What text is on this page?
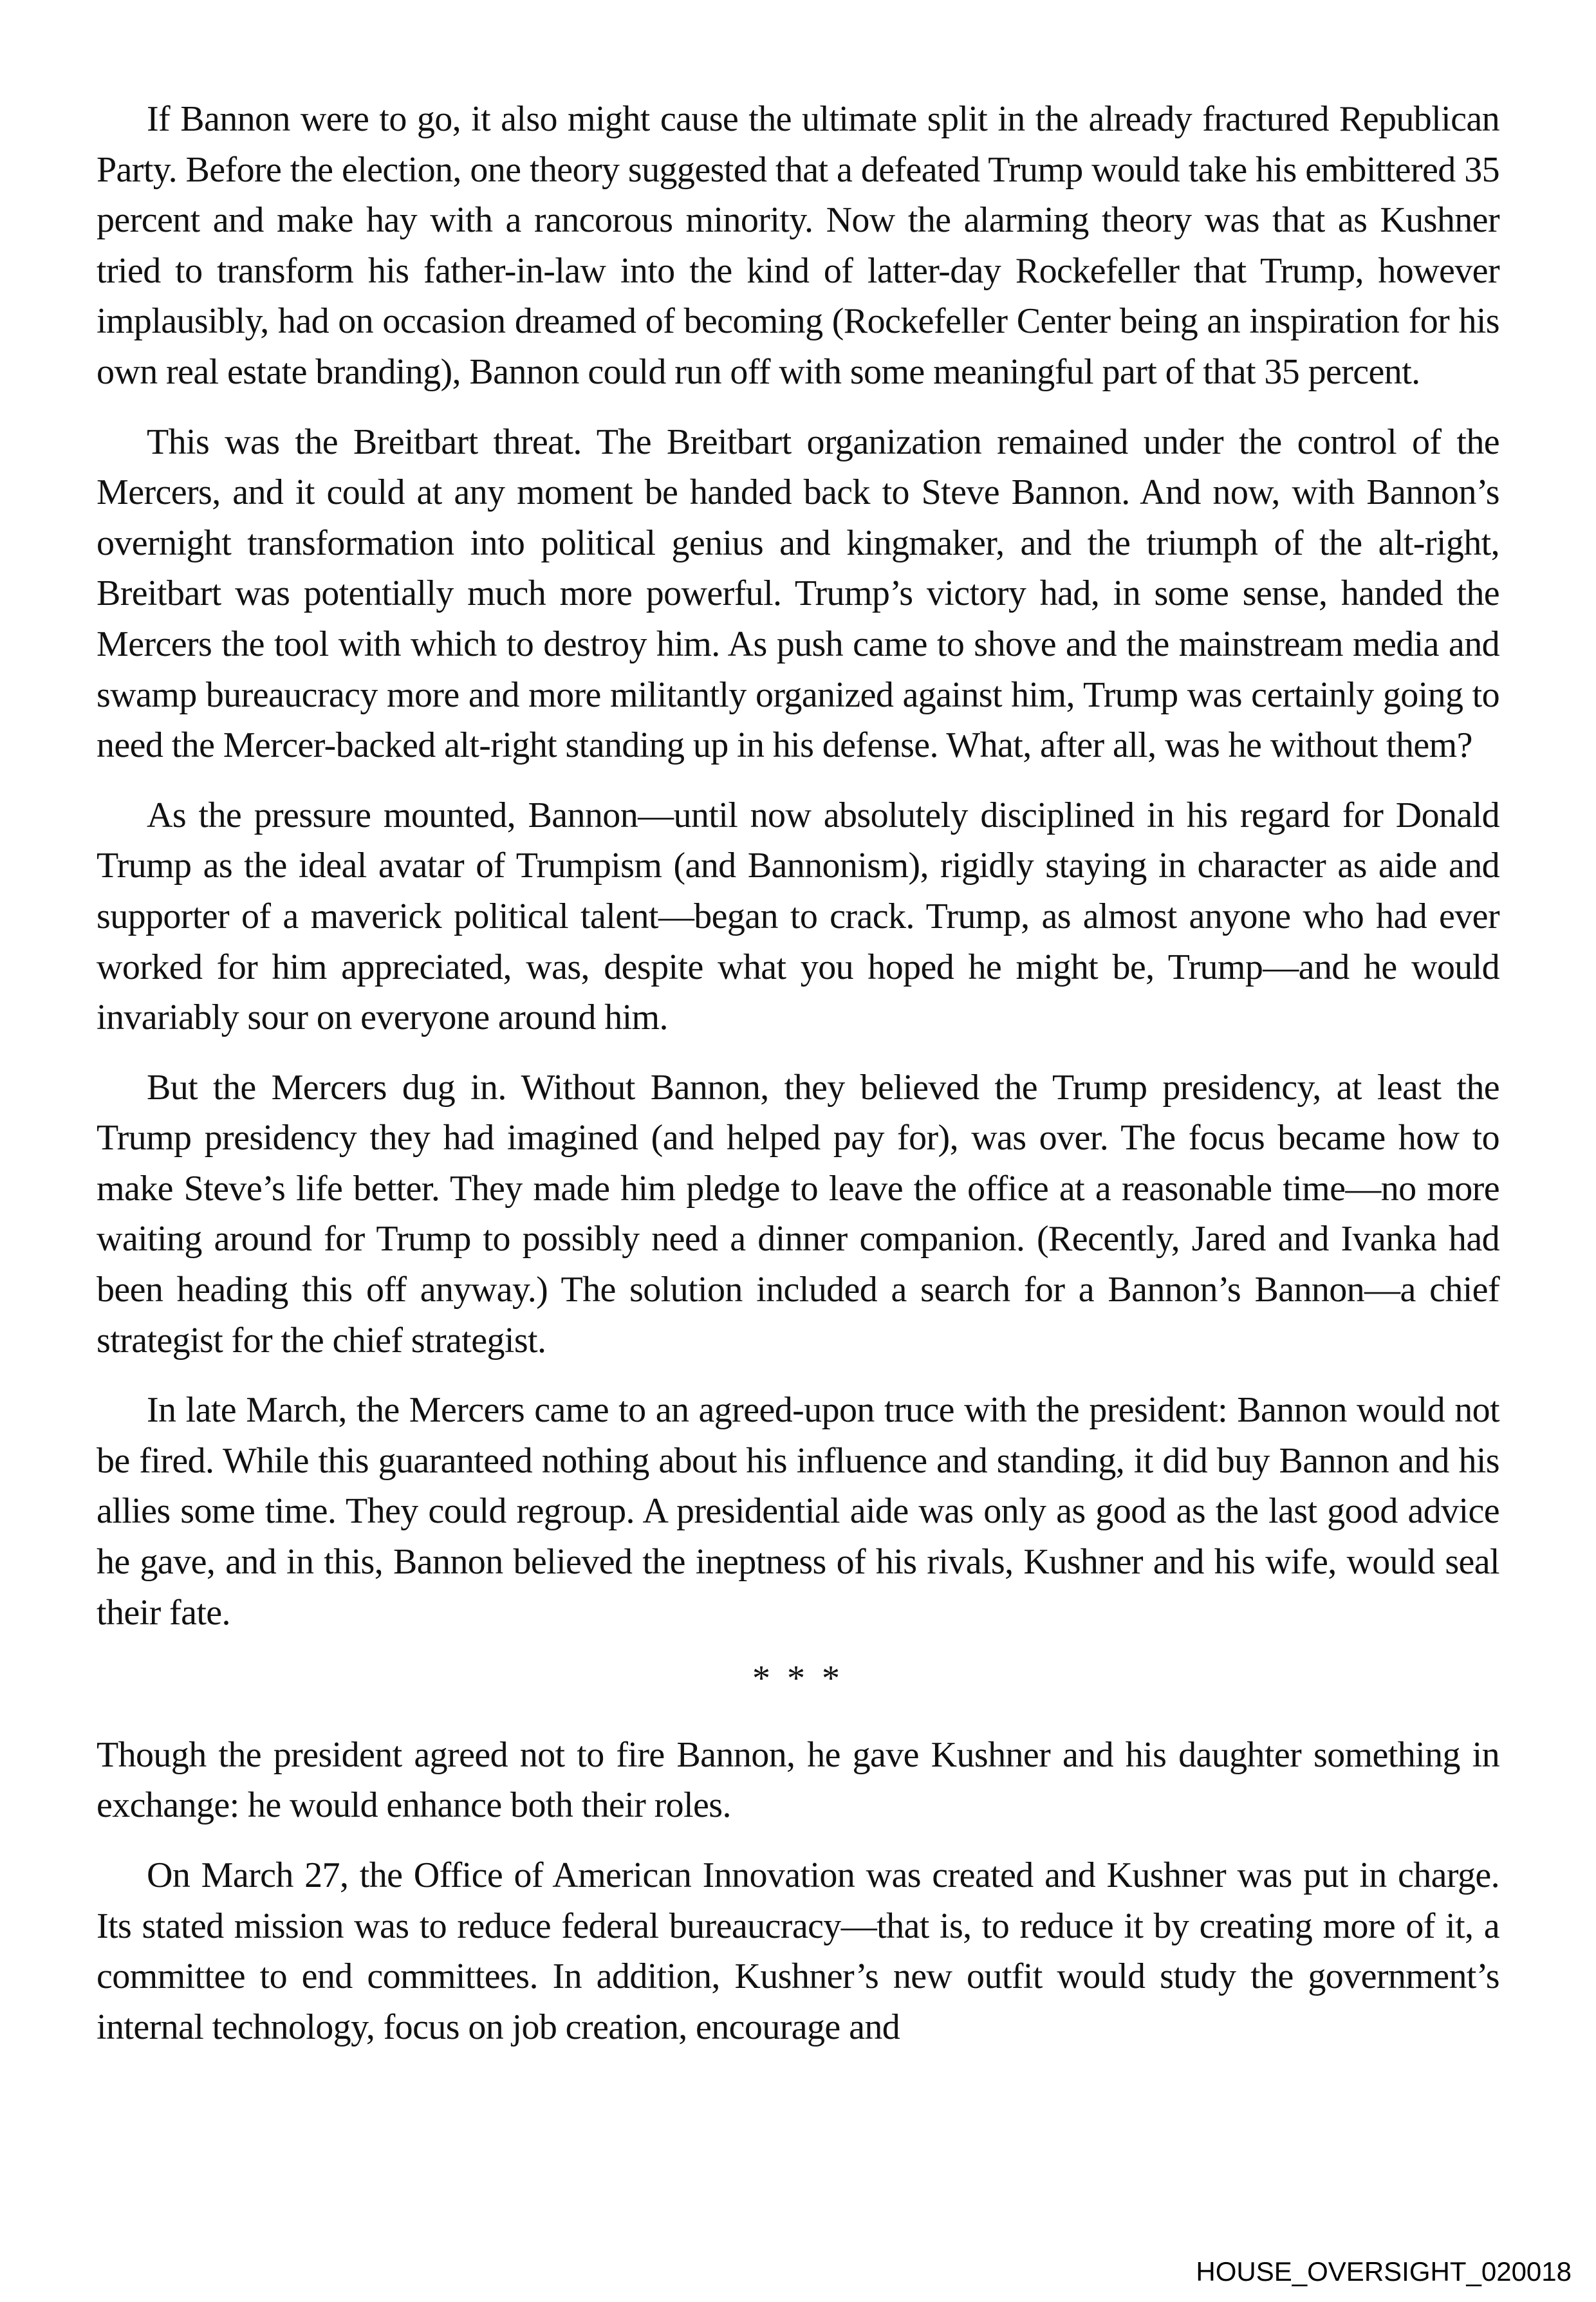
If Bannon were to go, it also might cause the ultimate split in the already fractured Republican Party. Before the election, one theory suggested that a defeated Trump would take his embittered 35 percent and make hay with a rancorous minority. Now the alarming theory was that as Kushner tried to transform his father-in-law into the kind of latter-day Rockefeller that Trump, however implausibly, had on occasion dreamed of becoming (Rockefeller Center being an inspiration for his own real estate branding), Bannon could run off with some meaningful part of that 35 percent.

This was the Breitbart threat. The Breitbart organization remained under the control of the Mercers, and it could at any moment be handed back to Steve Bannon. And now, with Bannon’s overnight transformation into political genius and kingmaker, and the triumph of the alt-right, Breitbart was potentially much more powerful. Trump’s victory had, in some sense, handed the Mercers the tool with which to destroy him. As push came to shove and the mainstream media and swamp bureaucracy more and more militantly organized against him, Trump was certainly going to need the Mercer-backed alt-right standing up in his defense. What, after all, was he without them?

As the pressure mounted, Bannon—until now absolutely disciplined in his regard for Donald Trump as the ideal avatar of Trumpism (and Bannonism), rigidly staying in character as aide and supporter of a maverick political talent—began to crack. Trump, as almost anyone who had ever worked for him appreciated, was, despite what you hoped he might be, Trump—and he would invariably sour on everyone around him.

But the Mercers dug in. Without Bannon, they believed the Trump presidency, at least the Trump presidency they had imagined (and helped pay for), was over. The focus became how to make Steve’s life better. They made him pledge to leave the office at a reasonable time—no more waiting around for Trump to possibly need a dinner companion. (Recently, Jared and Ivanka had been heading this off anyway.) The solution included a search for a Bannon’s Bannon—a chief strategist for the chief strategist.

In late March, the Mercers came to an agreed-upon truce with the president: Bannon would not be fired. While this guaranteed nothing about his influence and standing, it did buy Bannon and his allies some time. They could regroup. A presidential aide was only as good as the last good advice he gave, and in this, Bannon believed the ineptness of his rivals, Kushner and his wife, would seal their fate.

* * *

Though the president agreed not to fire Bannon, he gave Kushner and his daughter something in exchange: he would enhance both their roles.

On March 27, the Office of American Innovation was created and Kushner was put in charge. Its stated mission was to reduce federal bureaucracy—that is, to reduce it by creating more of it, a committee to end committees. In addition, Kushner’s new outfit would study the government’s internal technology, focus on job creation, encourage and

HOUSE_OVERSIGHT_020018
